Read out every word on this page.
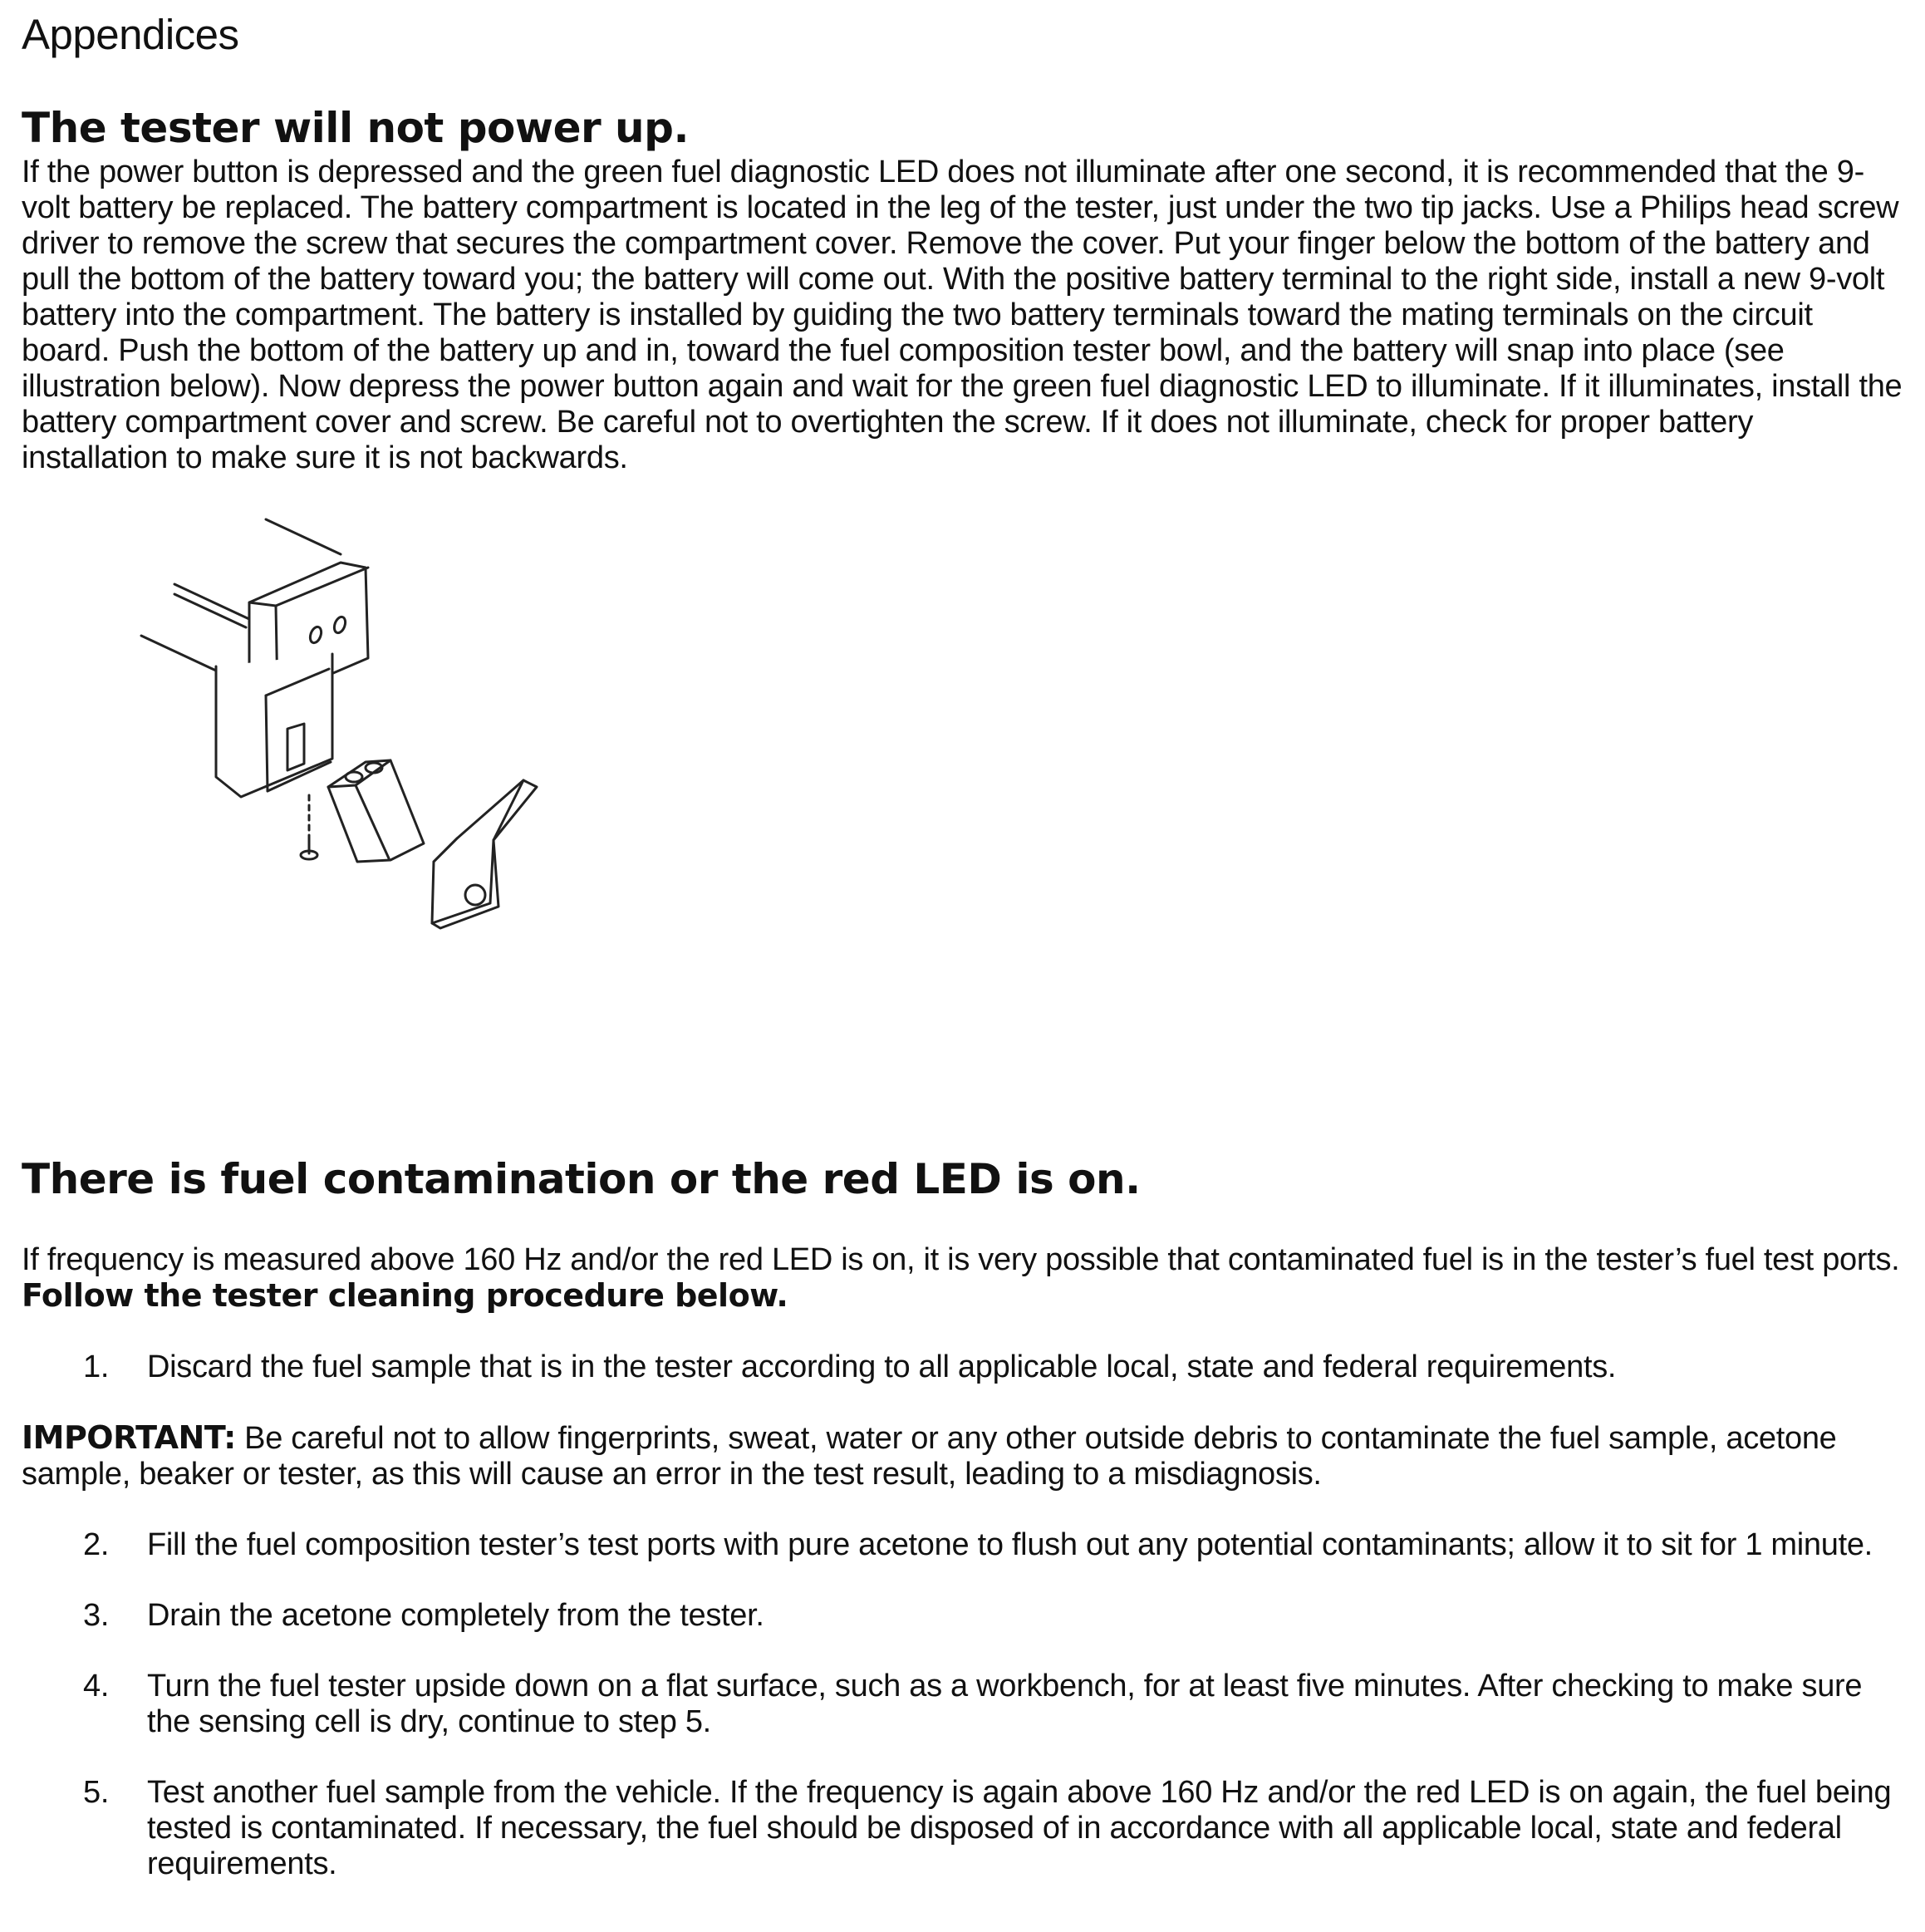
Appendices
The tester will not power up.

If the power button is depressed and the green fuel diagnostic LED does not illuminate after one second, it is recommended that the 9-volt battery be replaced. The battery compartment is located in the leg of the tester, just under the two tip jacks. Use a Philips head screw driver to remove the screw that secures the compartment cover. Remove the cover. Put your finger below the bottom of the battery and pull the bottom of the battery toward you; the battery will come out. With the positive battery terminal to the right side, install a new 9-volt battery into the compartment. The battery is installed by guiding the two battery terminals toward the mating terminals on the circuit board. Push the bottom of the battery up and in, toward the fuel composition tester bowl, and the battery will snap into place (see illustration below). Now depress the power button again and wait for the green fuel diagnostic LED to illuminate. If it illuminates, install the battery compartment cover and screw. Be careful not to overtighten the screw. If it does not illuminate, check for proper battery installation to make sure it is not backwards.

There is fuel contamination or the red LED is on.

If frequency is measured above 160 Hz and/or the red LED is on, it is very possible that contaminated fuel is in the tester’s fuel test ports. Follow the tester cleaning procedure below.

1. Discard the fuel sample that is in the tester according to all applicable local, state and federal requirements.

IMPORTANT: Be careful not to allow fingerprints, sweat, water or any other outside debris to contaminate the fuel sample, acetone sample, beaker or tester, as this will cause an error in the test result, leading to a misdiagnosis.

2. Fill the fuel composition tester’s test ports with pure acetone to flush out any potential contaminants; allow it to sit for 1 minute.
3. Drain the acetone completely from the tester.
4. Turn the fuel tester upside down on a flat surface, such as a workbench, for at least five minutes. After checking to make sure the sensing cell is dry, continue to step 5.
5. Test another fuel sample from the vehicle. If the frequency is again above 160 Hz and/or the red LED is on again, the fuel being tested is contaminated. If necessary, the fuel should be disposed of in accordance with all applicable local, state and federal requirements.
